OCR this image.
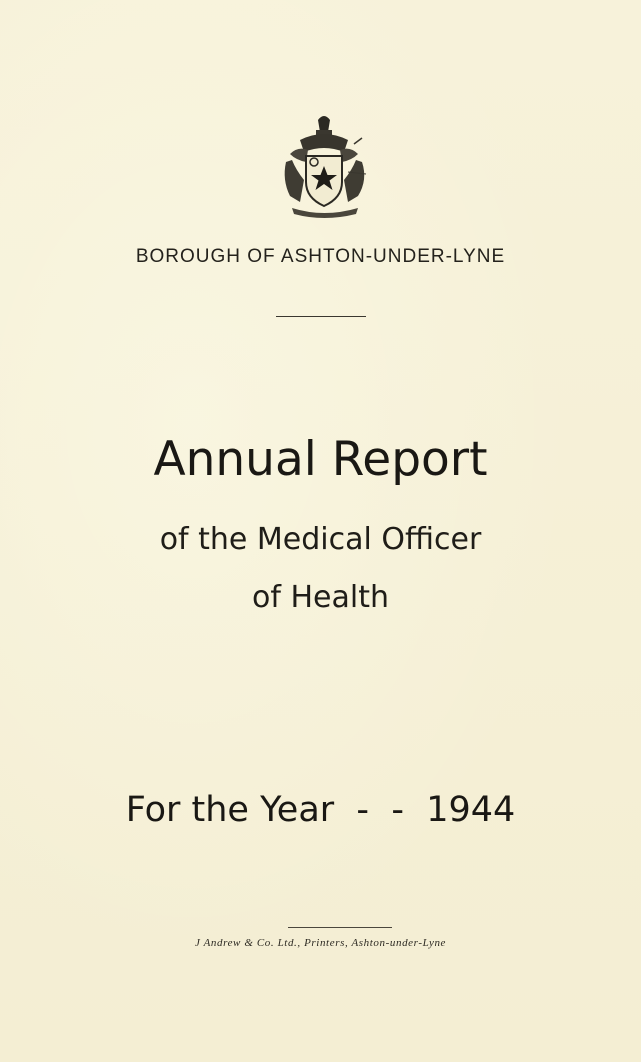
BOROUGH OF ASHTON-UNDER-LYNE
Annual Report
of the Medical Officer
of Health
For the Year  -  -  1944
J Andrew & Co. Ltd., Printers, Ashton-under-Lyne
